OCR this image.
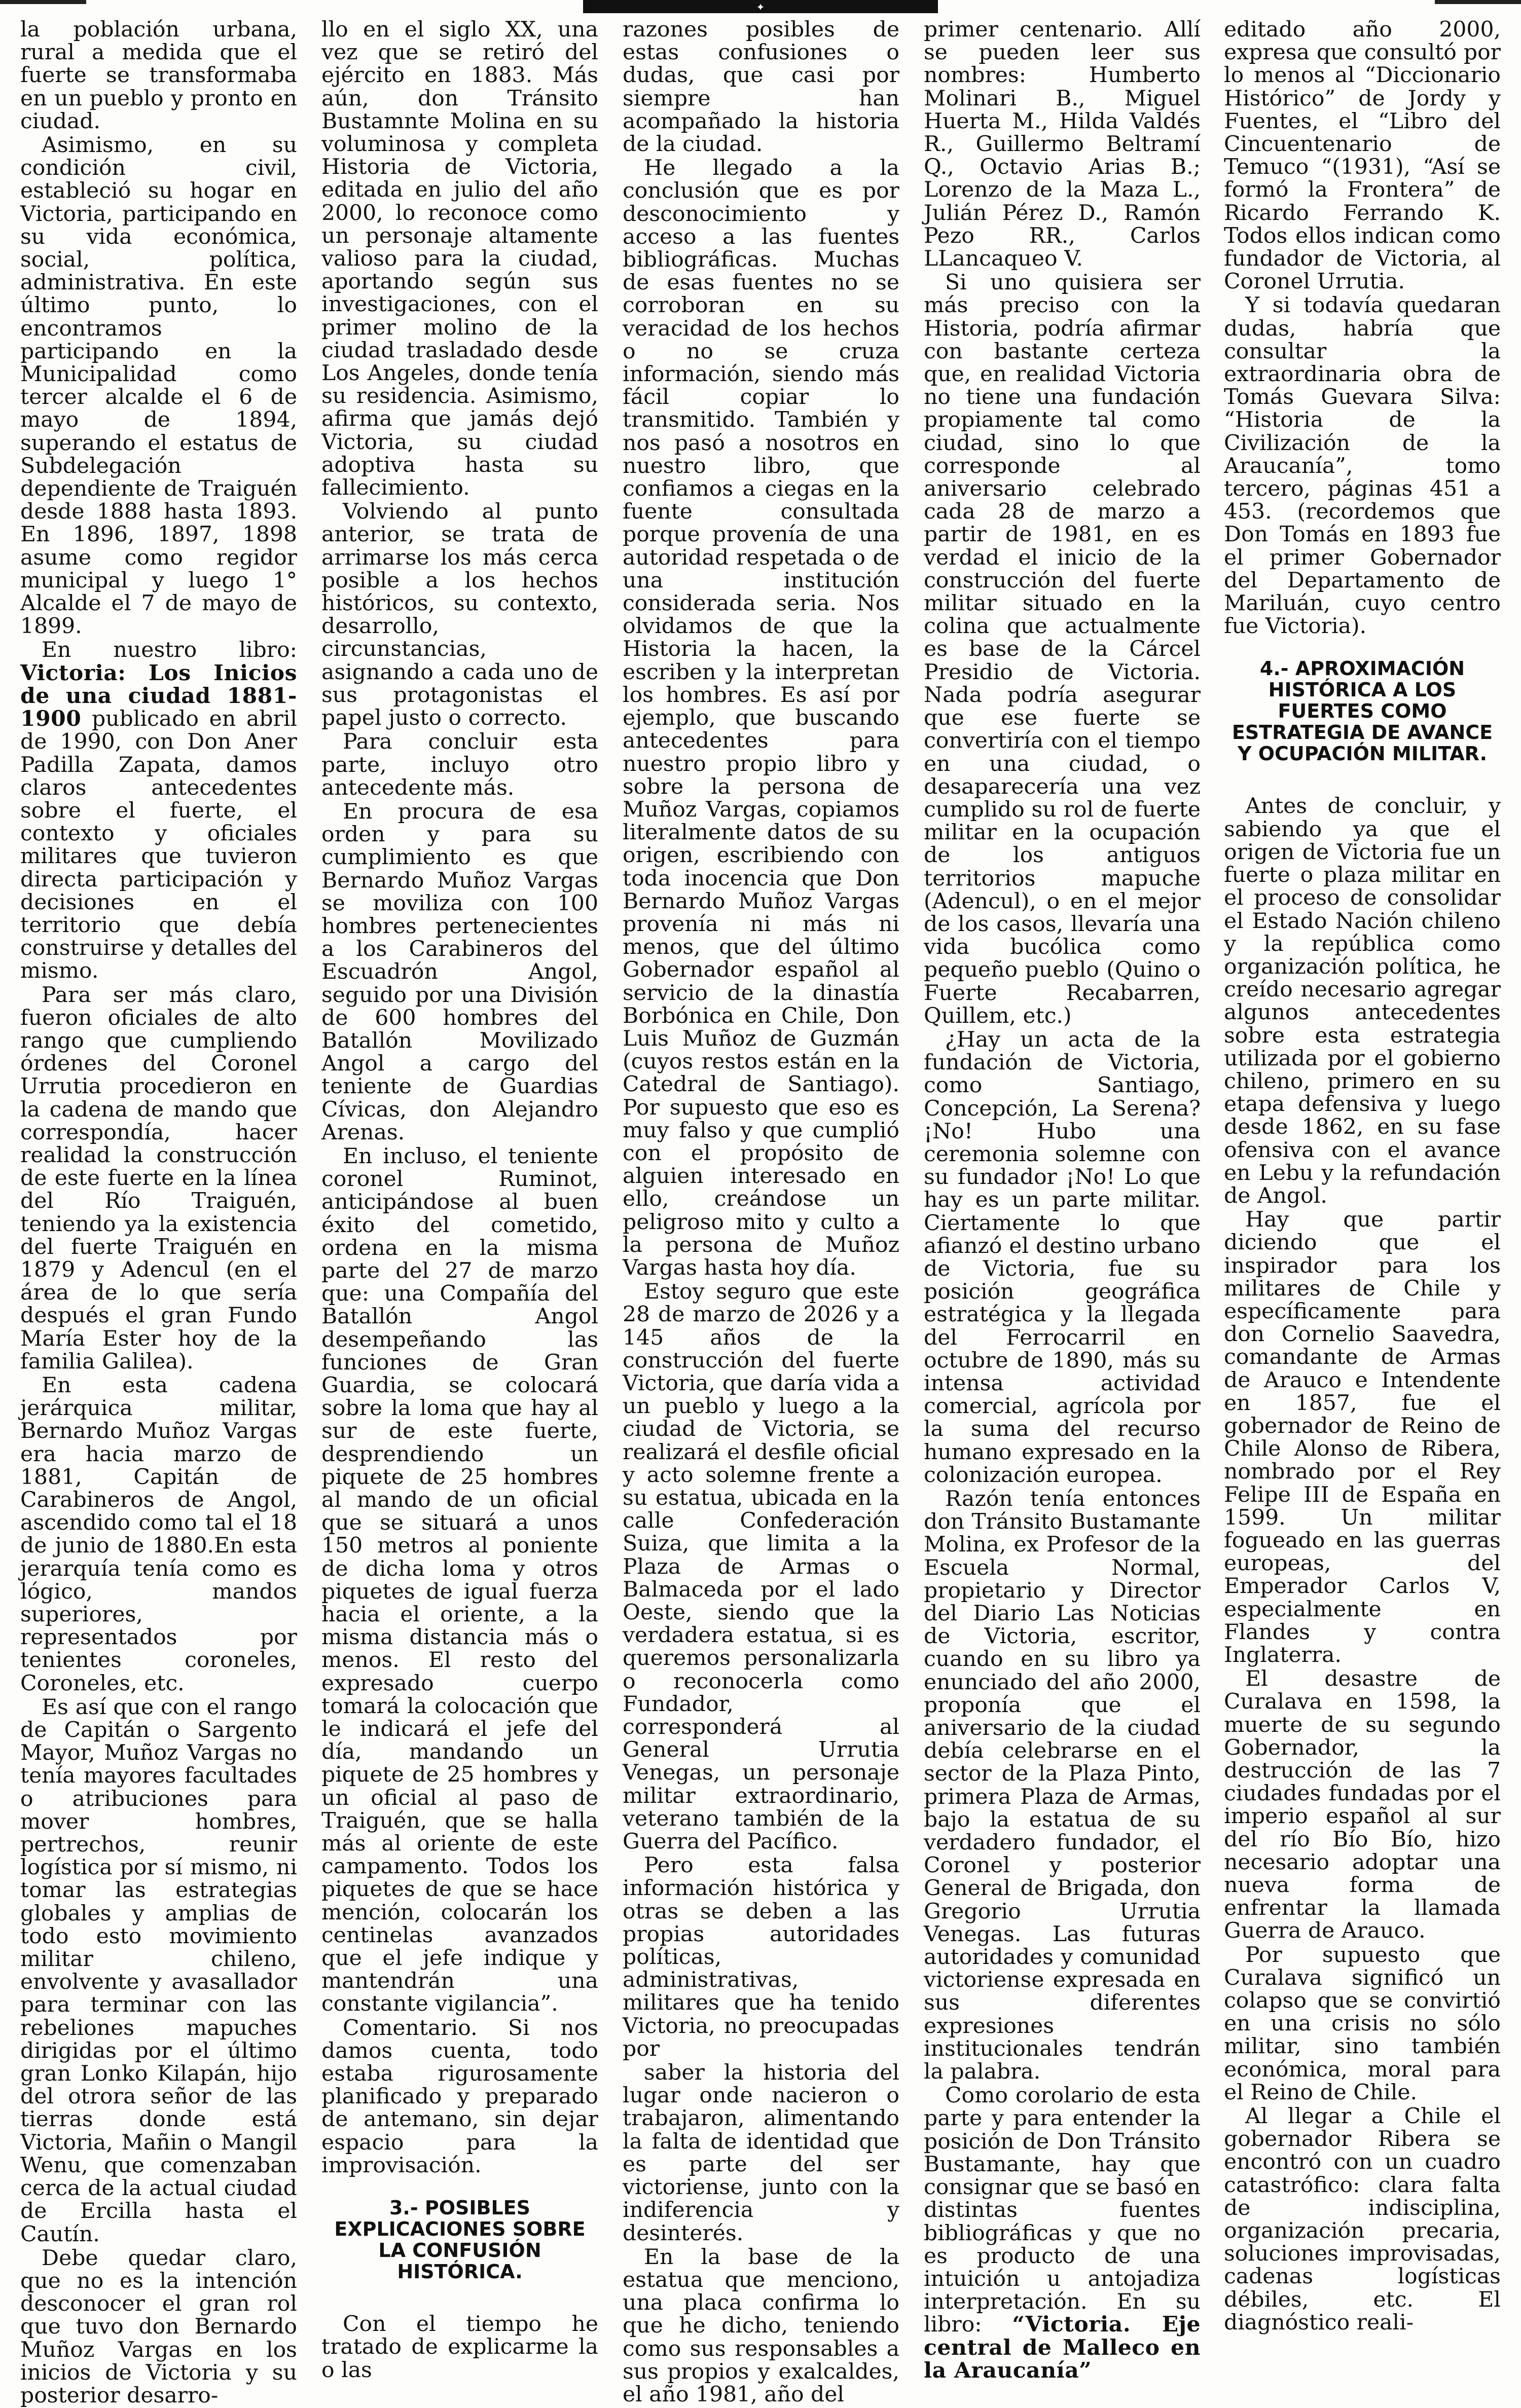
✦

la población urbana, rural a medida que el fuerte se transformaba en un pueblo y pronto en ciudad.

Asimismo, en su condición civil, estableció su hogar en Victoria, participando en su vida económica, social, política, administrativa. En este último punto, lo encontramos participando en la Municipalidad como tercer alcalde el 6 de mayo de 1894, superando el estatus de Subdelegación dependiente de Traiguén desde 1888 hasta 1893. En 1896, 1897, 1898 asume como regidor municipal y luego 1° Alcalde el 7 de mayo de 1899.

En nuestro libro: Victoria: Los Inicios de una ciudad 1881-1900 publicado en abril de 1990, con Don Aner Padilla Zapata, damos claros antecedentes sobre el fuerte, el contexto y oficiales militares que tuvieron directa participación y decisiones en el territorio que debía construirse y detalles del mismo.

Para ser más claro, fueron oficiales de alto rango que cumpliendo órdenes del Coronel Urrutia procedieron en la cadena de mando que correspondía, hacer realidad la construcción de este fuerte en la línea del Río Traiguén, teniendo ya la existencia del fuerte Traiguén en 1879 y Adencul (en el área de lo que sería después el gran Fundo María Ester hoy de la familia Galilea).

En esta cadena jerárquica militar, Bernardo Muñoz Vargas era hacia marzo de 1881, Capitán de Carabineros de Angol, ascendido como tal el 18 de junio de 1880.En esta jerarquía tenía como es lógico, mandos superiores, representados por tenientes coroneles, Coroneles, etc.

Es así que con el rango de Capitán o Sargento Mayor, Muñoz Vargas no tenía mayores facultades o atribuciones para mover hombres, pertrechos, reunir logística por sí mismo, ni tomar las estrategias globales y amplias de todo esto movimiento militar chileno, envolvente y avasallador para terminar con las rebeliones mapuches dirigidas por el último gran Lonko Kilapán, hijo del otrora señor de las tierras donde está Victoria, Mañin o Mangil Wenu, que comenzaban cerca de la actual ciudad de Ercilla hasta el Cautín.

Debe quedar claro, que no es la intención desconocer el gran rol que tuvo don Bernardo Muñoz Vargas en los inicios de Victoria y su posterior desarro-

llo en el siglo XX, una vez que se retiró del ejército en 1883. Más aún, don Tránsito Bustamnte Molina en su voluminosa y completa Historia de Victoria, editada en julio del año 2000, lo reconoce como un personaje altamente valioso para la ciudad, aportando según sus investigaciones, con el primer molino de la ciudad trasladado desde Los Angeles, donde tenía su residencia. Asimismo, afirma que jamás dejó Victoria, su ciudad adoptiva hasta su fallecimiento.

Volviendo al punto anterior, se trata de arrimarse los más cerca posible a los hechos históricos, su contexto, desarrollo, circunstancias, asignando a cada uno de sus protagonistas el papel justo o correcto.

Para concluir esta parte, incluyo otro antecedente más.

En procura de esa orden y para su cumplimiento es que Bernardo Muñoz Vargas se moviliza con 100 hombres pertenecientes a los Carabineros del Escuadrón Angol, seguido por una División de 600 hombres del Batallón Movilizado Angol a cargo del teniente de Guardias Cívicas, don Alejandro Arenas.

En incluso, el teniente coronel Ruminot, anticipándose al buen éxito del cometido, ordena en la misma parte del 27 de marzo que: una Compañía del Batallón Angol desempeñando las funciones de Gran Guardia, se colocará sobre la loma que hay al sur de este fuerte, desprendiendo un piquete de 25 hombres al mando de un oficial que se situará a unos 150 metros al poniente de dicha loma y otros piquetes de igual fuerza hacia el oriente, a la misma distancia más o menos. El resto del expresado cuerpo tomará la colocación que le indicará el jefe del día, mandando un piquete de 25 hombres y un oficial al paso de Traiguén, que se halla más al oriente de este campamento. Todos los piquetes de que se hace mención, colocarán los centinelas avanzados que el jefe indique y mantendrán una constante vigilancia”.

Comentario. Si nos damos cuenta, todo estaba rigurosamente planificado y preparado de antemano, sin dejar espacio para la improvisación.

3.- POSIBLES EXPLICACIONES SOBRE LA CONFUSIÓN HISTÓRICA.

Con el tiempo he tratado de explicarme la o las

razones posibles de estas confusiones o dudas, que casi por siempre han acompañado la historia de la ciudad.

He llegado a la conclusión que es por desconocimiento y acceso a las fuentes bibliográficas. Muchas de esas fuentes no se corroboran en su veracidad de los hechos o no se cruza información, siendo más fácil copiar lo transmitido. También y nos pasó a nosotros en nuestro libro, que confiamos a ciegas en la fuente consultada porque provenía de una autoridad respetada o de una institución considerada seria. Nos olvidamos de que la Historia la hacen, la escriben y la interpretan los hombres. Es así por ejemplo, que buscando antecedentes para nuestro propio libro y sobre la persona de Muñoz Vargas, copiamos literalmente datos de su origen, escribiendo con toda inocencia que Don Bernardo Muñoz Vargas provenía ni más ni menos, que del último Gobernador español al servicio de la dinastía Borbónica en Chile, Don Luis Muñoz de Guzmán (cuyos restos están en la Catedral de Santiago). Por supuesto que eso es muy falso y que cumplió con el propósito de alguien interesado en ello, creándose un peligroso mito y culto a la persona de Muñoz Vargas hasta hoy día.

Estoy seguro que este 28 de marzo de 2026 y a 145 años de la construcción del fuerte Victoria, que daría vida a un pueblo y luego a la ciudad de Victoria, se realizará el desfile oficial y acto solemne frente a su estatua, ubicada en la calle Confederación Suiza, que limita a la Plaza de Armas o Balmaceda por el lado Oeste, siendo que la verdadera estatua, si es queremos personalizarla o reconocerla como Fundador, corresponderá al General Urrutia Venegas, un personaje militar extraordinario, veterano también de la Guerra del Pacífico.

Pero esta falsa información histórica y otras se deben a las propias autoridades políticas, administrativas, militares que ha tenido Victoria, no preocupadas por

saber la historia del lugar onde nacieron o trabajaron, alimentando la falta de identidad que es parte del ser victoriense, junto con la indiferencia y desinterés.

En la base de la estatua que menciono, una placa confirma lo que he dicho, teniendo como sus responsables a sus propios y exalcaldes, el año 1981, año del

primer centenario. Allí se pueden leer sus nombres: Humberto Molinari B., Miguel Huerta M., Hilda Valdés R., Guillermo Beltramí Q., Octavio Arias B.; Lorenzo de la Maza L., Julián Pérez D., Ramón Pezo RR., Carlos LLancaqueo V.

Si uno quisiera ser más preciso con la Historia, podría afirmar con bastante certeza que, en realidad Victoria no tiene una fundación propiamente tal como ciudad, sino lo que corresponde al aniversario celebrado cada 28 de marzo a partir de 1981, en es verdad el inicio de la construcción del fuerte militar situado en la colina que actualmente es base de la Cárcel Presidio de Victoria. Nada podría asegurar que ese fuerte se convertiría con el tiempo en una ciudad, o desaparecería una vez cumplido su rol de fuerte militar en la ocupación de los antiguos territorios mapuche (Adencul), o en el mejor de los casos, llevaría una vida bucólica como pequeño pueblo (Quino o Fuerte Recabarren, Quillem, etc.)

¿Hay un acta de la fundación de Victoria, como Santiago, Concepción, La Serena? ¡No! Hubo una ceremonia solemne con su fundador ¡No! Lo que hay es un parte militar. Ciertamente lo que afianzó el destino urbano de Victoria, fue su posición geográfica estratégica y la llegada del Ferrocarril en octubre de 1890, más su intensa actividad comercial, agrícola por la suma del recurso humano expresado en la colonización europea.

Razón tenía entonces don Tránsito Bustamante Molina, ex Profesor de la Escuela Normal, propietario y Director del Diario Las Noticias de Victoria, escritor, cuando en su libro ya enunciado del año 2000, proponía que el aniversario de la ciudad debía celebrarse en el sector de la Plaza Pinto, primera Plaza de Armas, bajo la estatua de su verdadero fundador, el Coronel y posterior General de Brigada, don Gregorio Urrutia Venegas. Las futuras autoridades y comunidad victoriense expresada en sus diferentes expresiones institucionales tendrán la palabra.

Como corolario de esta parte y para entender la posición de Don Tránsito Bustamante, hay que consignar que se basó en distintas fuentes bibliográficas y que no es producto de una intuición u antojadiza interpretación. En su libro: “Victoria. Eje central de Malleco en la Araucanía”

editado año 2000, expresa que consultó por lo menos al “Diccionario Histórico” de Jordy y Fuentes, el “Libro del Cincuentenario de Temuco “(1931), “Así se formó la Frontera” de Ricardo Ferrando K. Todos ellos indican como fundador de Victoria, al Coronel Urrutia.

Y si todavía quedaran dudas, habría que consultar la extraordinaria obra de Tomás Guevara Silva: “Historia de la Civilización de la Araucanía”, tomo tercero, páginas 451 a 453. (recordemos que Don Tomás en 1893 fue el primer Gobernador del Departamento de Mariluán, cuyo centro fue Victoria).

4.- APROXIMACIÓN HISTÓRICA A LOS FUERTES COMO ESTRATEGIA DE AVANCE Y OCUPACIÓN MILITAR.

Antes de concluir, y sabiendo ya que el origen de Victoria fue un fuerte o plaza militar en el proceso de consolidar el Estado Nación chileno y la república como organización política, he creído necesario agregar algunos antecedentes sobre esta estrategia utilizada por el gobierno chileno, primero en su etapa defensiva y luego desde 1862, en su fase ofensiva con el avance en Lebu y la refundación de Angol.

Hay que partir diciendo que el inspirador para los militares de Chile y específicamente para don Cornelio Saavedra, comandante de Armas de Arauco e Intendente en 1857, fue el gobernador de Reino de Chile Alonso de Ribera, nombrado por el Rey Felipe III de España en 1599. Un militar fogueado en las guerras europeas, del Emperador Carlos V, especialmente en Flandes y contra Inglaterra.

El desastre de Curalava en 1598, la muerte de su segundo Gobernador, la destrucción de las 7 ciudades fundadas por el imperio español al sur del río Bío Bío, hizo necesario adoptar una nueva forma de enfrentar la llamada Guerra de Arauco.

Por supuesto que Curalava significó un colapso que se convirtió en una crisis no sólo militar, sino también económica, moral para el Reino de Chile.

Al llegar a Chile el gobernador Ribera se encontró con un cuadro catastrófico: clara falta de indisciplina, organización precaria, soluciones improvisadas, cadenas logísticas débiles, etc. El diagnóstico reali-
